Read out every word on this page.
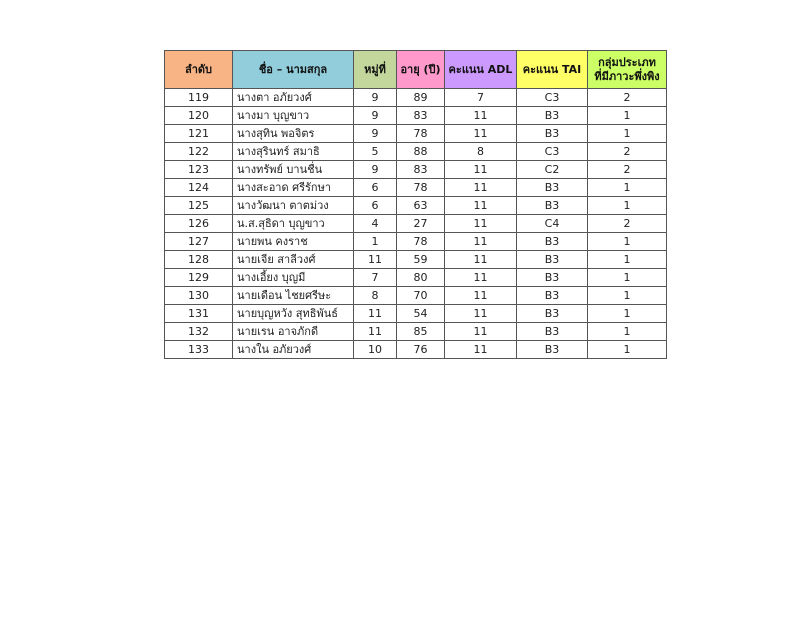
ลำดับ	ชื่อ – นามสกุล	หมู่ที่	อายุ (ปี)	คะแนน ADL	คะแนน TAI	กลุ่มประเภท
ที่มีภาวะพึ่งพิง
119	นางตา อภัยวงศ์	9	89	7	C3	2
120	นางมา บุญขาว	9	83	11	B3	1
121	นางสุทิน พอจิตร	9	78	11	B3	1
122	นางสุรินทร์ สมาธิ	5	88	8	C3	2
123	นางทรัพย์ บานชื่น	9	83	11	C2	2
124	นางสะอาด ศรีรักษา	6	78	11	B3	1
125	นางวัฒนา ตาตม่วง	6	63	11	B3	1
126	น.ส.สุธิดา บุญขาว	4	27	11	C4	2
127	นายพน คงราช	1	78	11	B3	1
128	นายเจีย สาลีวงศ์	11	59	11	B3	1
129	นางเอี้ยง บุญมี	7	80	11	B3	1
130	นายเดือน ไชยศรีษะ	8	70	11	B3	1
131	นายบุญหวัง สุทธิพันธ์	11	54	11	B3	1
132	นายเรน อาจภักดี	11	85	11	B3	1
133	นางใน อภัยวงศ์	10	76	11	B3	1
